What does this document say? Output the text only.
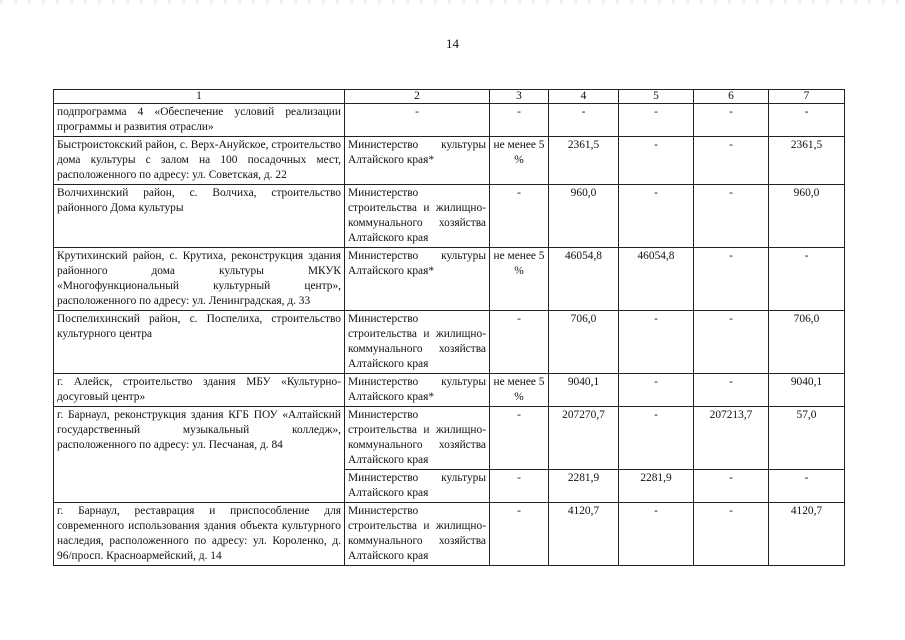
14
1	2	3	4	5	6	7
подпрограмма 4 «Обеспечение условий реализации программы и развития отрасли»	-	-	-	-	-	-
Быстроистокский район, с. Верх-Ануйское, строительство дома культуры с залом на 100 посадочных мест, расположенного по адресу: ул. Советская, д. 22	Министерство культуры Алтайского края*	не менее 5 %	2361,5	-	-	2361,5
Волчихинский район, с. Волчиха, строительство районного Дома культуры	Министерство строительства и жилищно-коммунального хозяйства Алтайского края	-	960,0	-	-	960,0
Крутихинский район, с. Крутиха, реконструкция здания районного дома культуры МКУК «Многофункциональный культурный центр», расположенного по адресу: ул. Ленинградская, д. 33	Министерство культуры Алтайского края*	не менее 5 %	46054,8	46054,8	-	-
Поспелихинский район, с. Поспелиха, строительство культурного центра	Министерство строительства и жилищно-коммунального хозяйства Алтайского края	-	706,0	-	-	706,0
г. Алейск, строительство здания МБУ «Культурно-досуговый центр»	Министерство культуры Алтайского края*	не менее 5 %	9040,1	-	-	9040,1
г. Барнаул, реконструкция здания КГБ ПОУ «Алтайский государственный музыкальный колледж», расположенного по адресу: ул. Песчаная, д. 84	Министерство строительства и жилищно-коммунального хозяйства Алтайского края	-	207270,7	-	207213,7	57,0
	Министерство культуры Алтайского края	-	2281,9	2281,9	-	-
г. Барнаул, реставрация и приспособление для современного использования здания объекта культурного наследия, расположенного по адресу: ул. Короленко, д. 96/просп. Красноармейский, д. 14	Министерство строительства и жилищно-коммунального хозяйства Алтайского края	-	4120,7	-	-	4120,7
